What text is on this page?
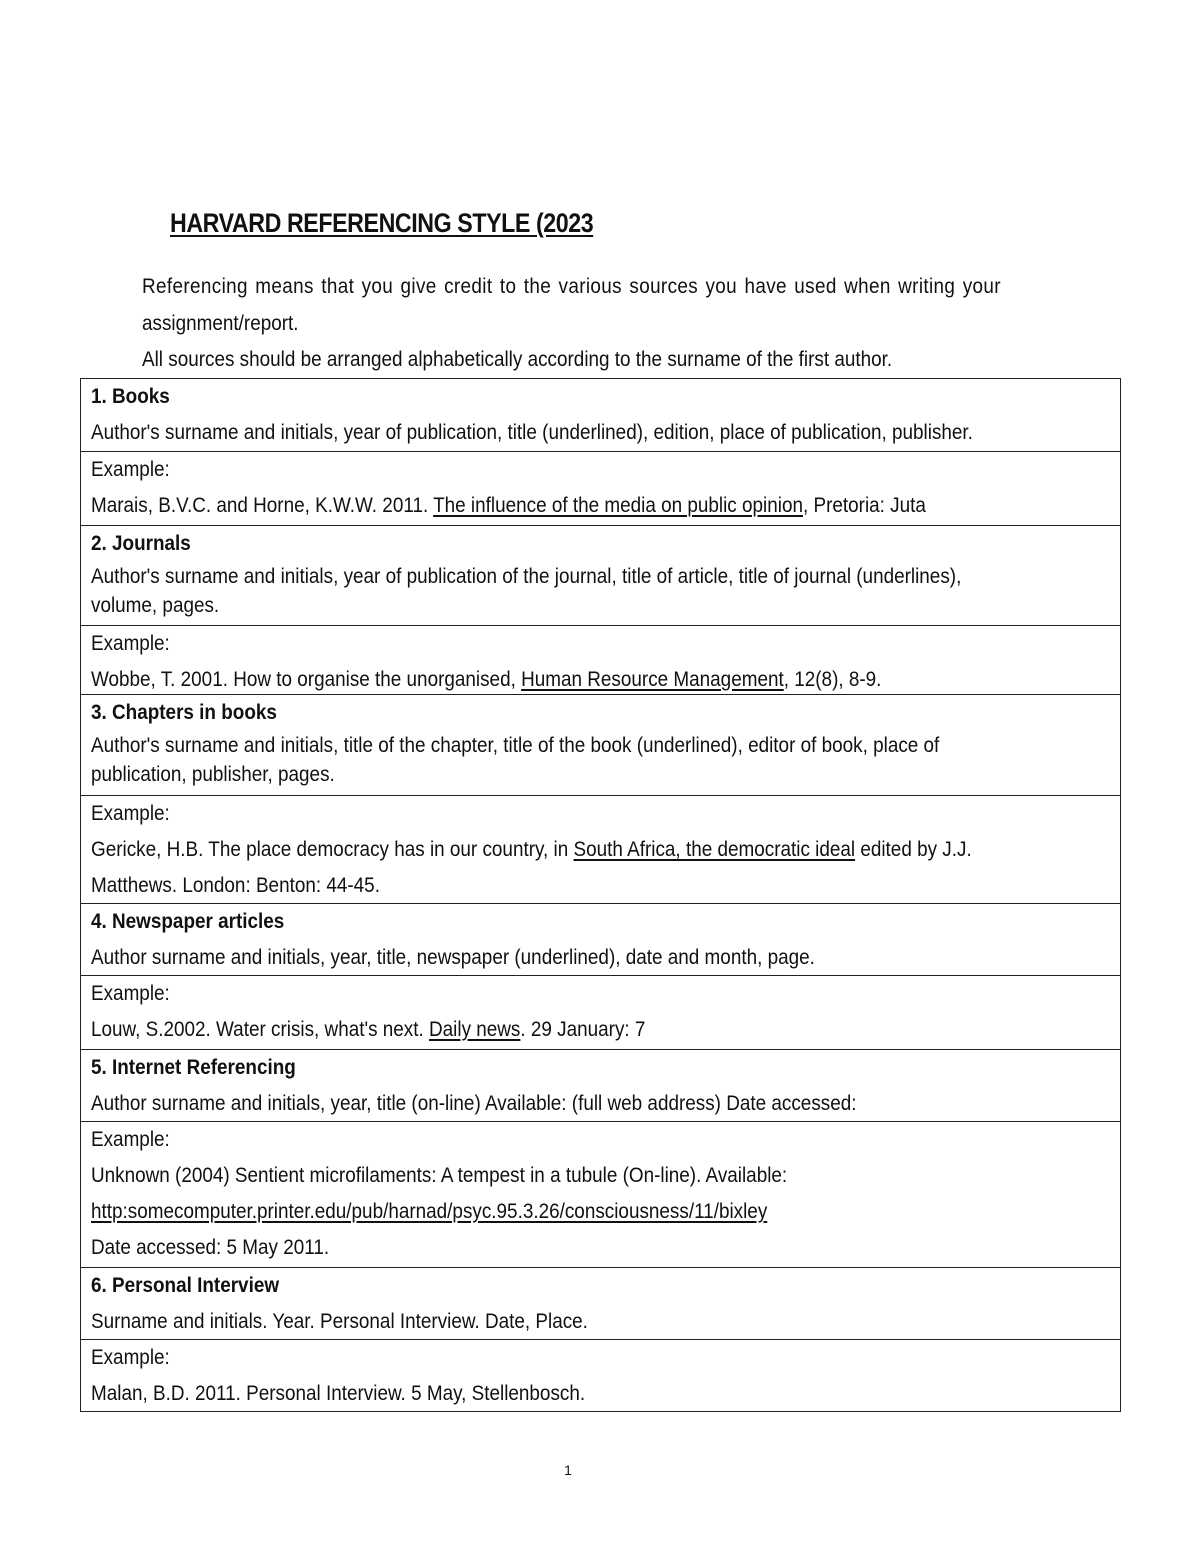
HARVARD REFERENCING STYLE (2023
Referencing means that you give credit to the various sources you have used when writing your
assignment/report.
All sources should be arranged alphabetically according to the surname of the first author.
1. Books
Author's surname and initials, year of publication, title (underlined), edition, place of publication, publisher.
Example:
Marais, B.V.C. and Horne, K.W.W. 2011. The influence of the media on public opinion, Pretoria: Juta
2. Journals
Author's surname and initials, year of publication of the journal, title of article, title of journal (underlines),
volume, pages.
Example:
Wobbe, T. 2001. How to organise the unorganised, Human Resource Management, 12(8), 8-9.
3. Chapters in books
Author's surname and initials, title of the chapter, title of the book (underlined), editor of book, place of
publication, publisher, pages.
Example:
Gericke, H.B. The place democracy has in our country, in South Africa, the democratic ideal edited by J.J.
Matthews. London: Benton: 44-45.
4. Newspaper articles
Author surname and initials, year, title, newspaper (underlined), date and month, page.
Example:
Louw, S.2002. Water crisis, what's next. Daily news. 29 January: 7
5. Internet Referencing
Author surname and initials, year, title (on-line) Available: (full web address) Date accessed:
Example:
Unknown (2004) Sentient microfilaments: A tempest in a tubule (On-line). Available:
http:somecomputer.printer.edu/pub/harnad/psyc.95.3.26/consciousness/11/bixley
Date accessed: 5 May 2011.
6. Personal Interview
Surname and initials. Year. Personal Interview. Date, Place.
Example:
Malan, B.D. 2011. Personal Interview. 5 May, Stellenbosch.
1
